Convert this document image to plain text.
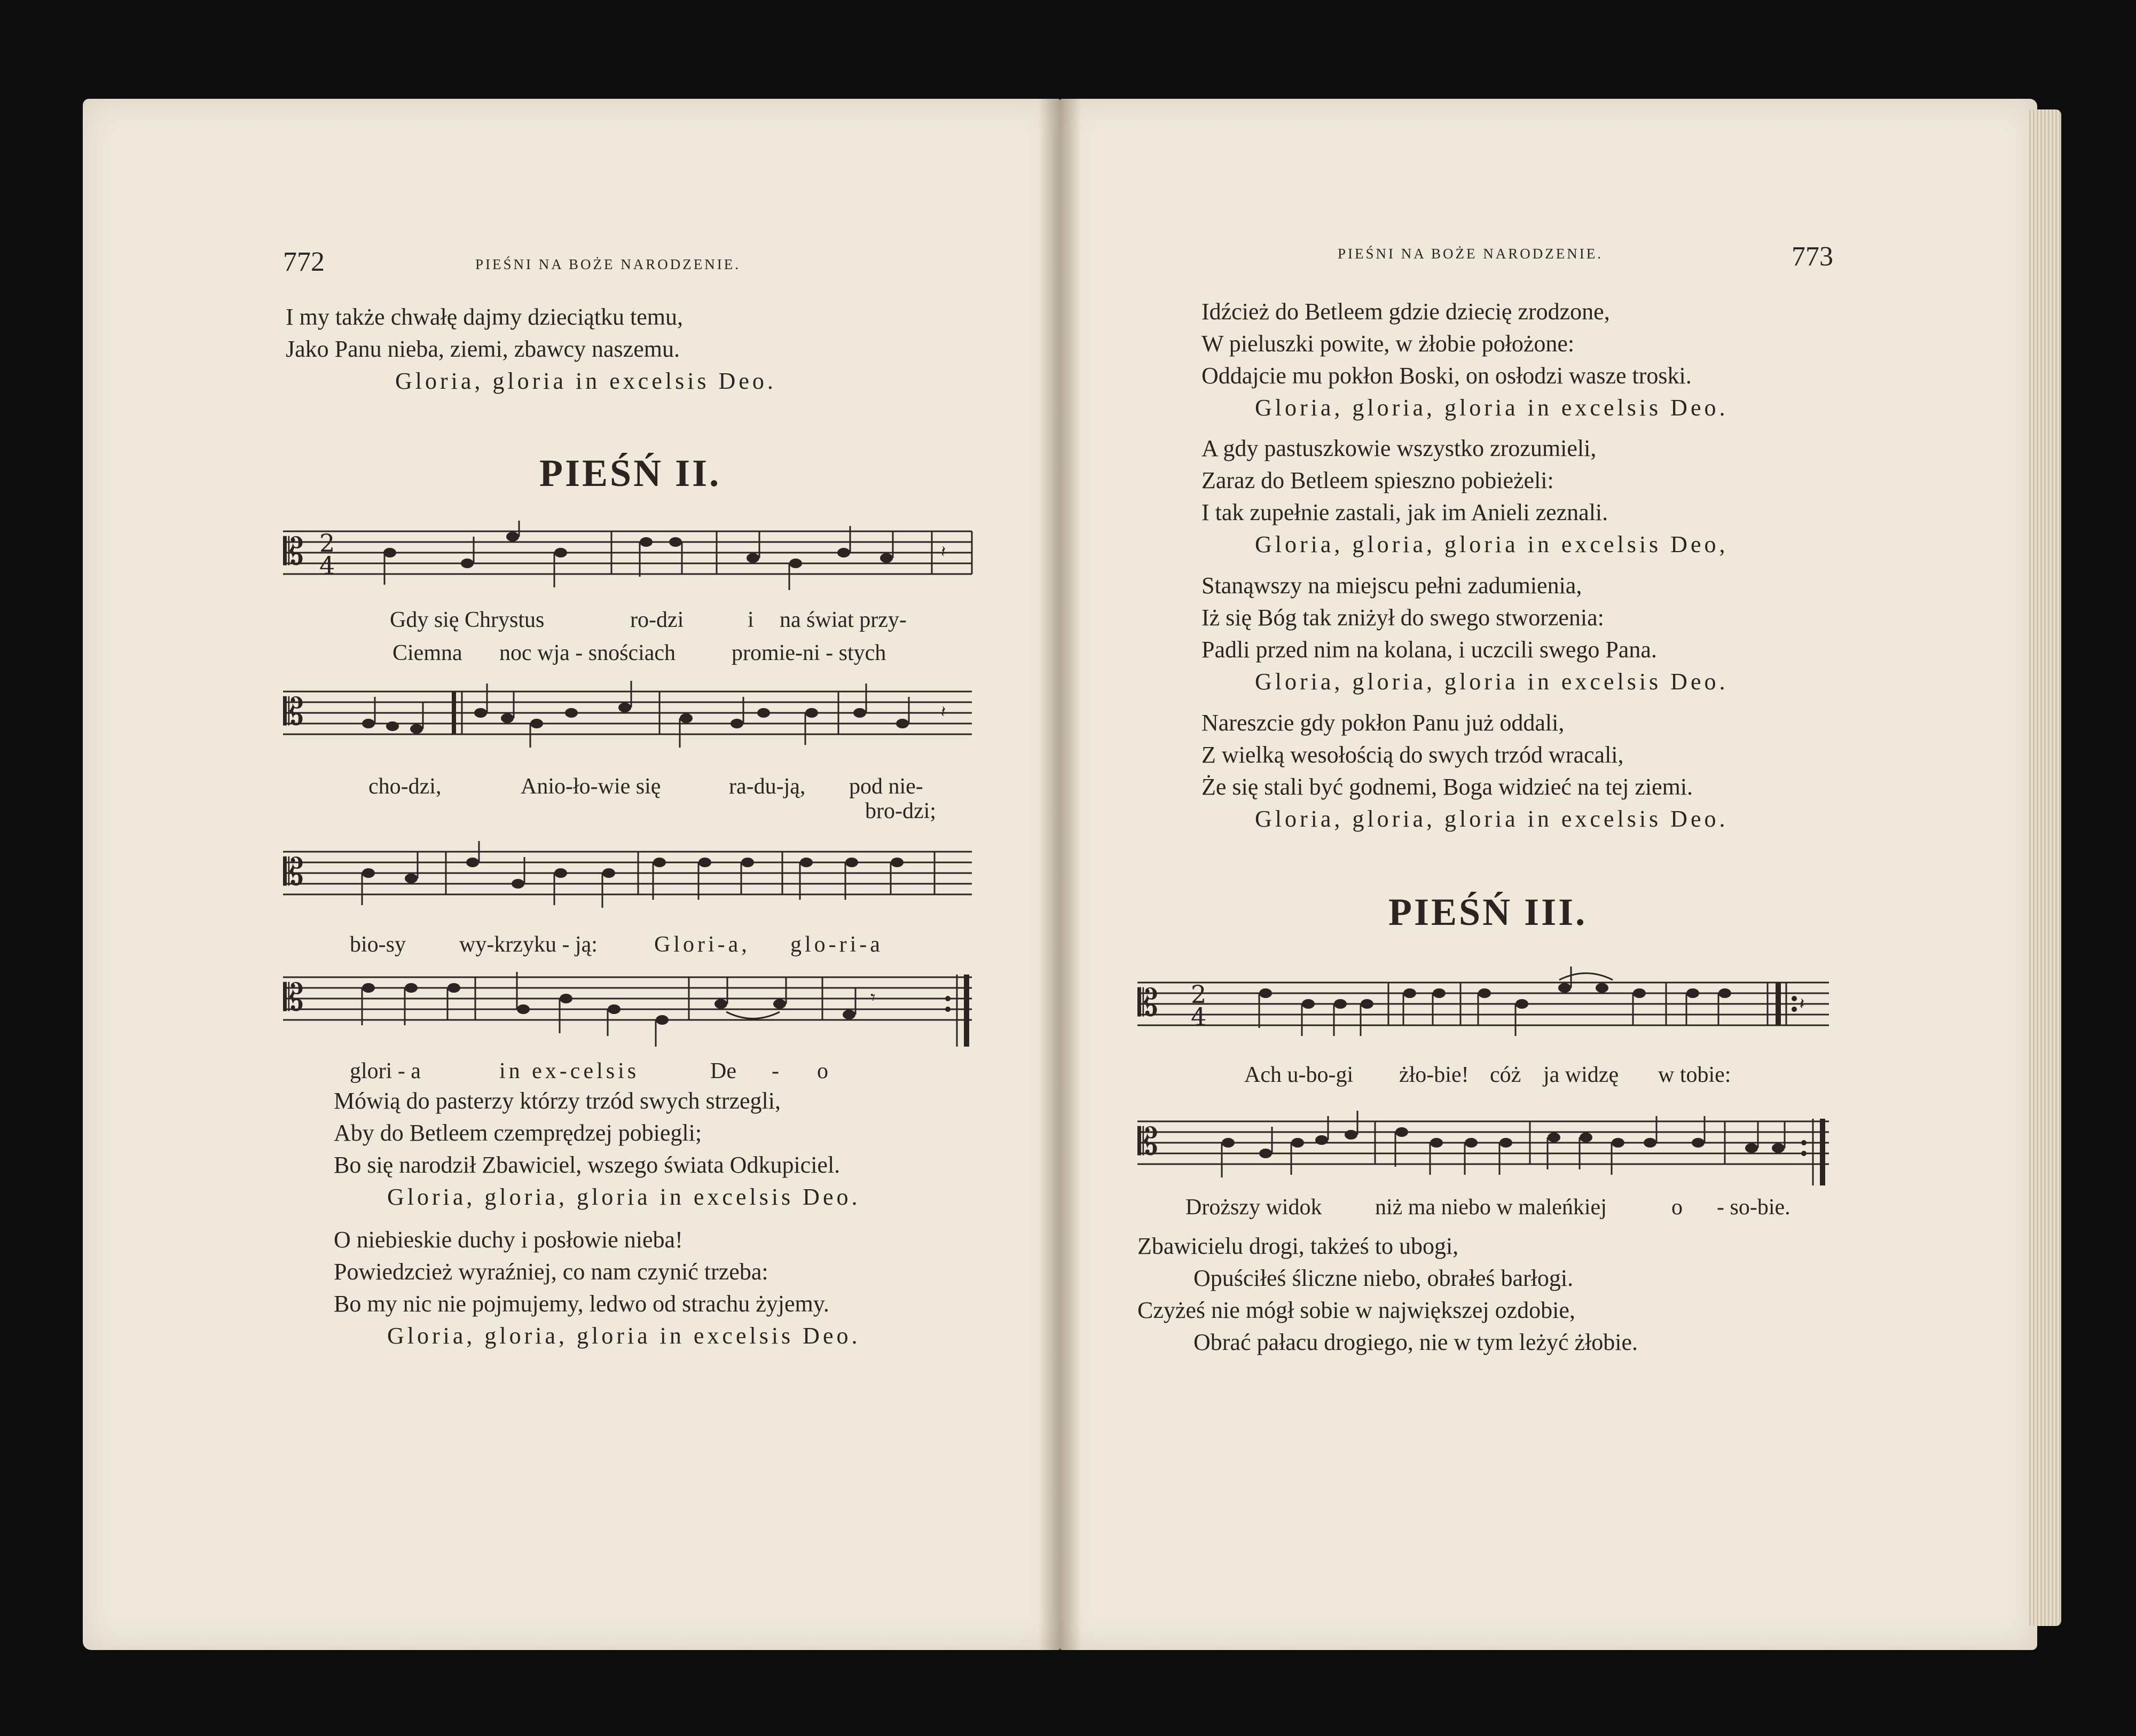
772	PIEŚNI NA BOŻE NARODZENIE.
I my także chwałę dajmy dzieciątku temu,
Jako Panu nieba, ziemi, zbawcy naszemu.
Gloria, gloria in excelsis Deo.
PIEŚŃ II.
𝄡 2
4	𝄽
Gdy się Chrystus	ro-dzi	i na świat przy-
Ciemna noc wja - snościach promie-ni - stych
𝄡	𝄽
cho-dzi,	Anio-ło-wie się	ra-du-ją, pod nie-
bro-dzi;
𝄡
bio-sy wy-krzyku - ją:	Glori-a, glo-ri-a
𝄡	𝄾
glori - a	in ex-celsis	De - o
Mówią do pasterzy którzy trzód swych strzegli,
Aby do Betleem czemprędzej pobiegli;
Bo się narodził Zbawiciel, wszego świata Odkupiciel.
Gloria, gloria, gloria in excelsis Deo.
O niebieskie duchy i posłowie nieba!
Powiedzcież wyraźniej, co nam czynić trzeba:
Bo my nic nie pojmujemy, ledwo od strachu żyjemy.
Gloria, gloria, gloria in excelsis Deo.
PIEŚNI NA BOŻE NARODZENIE.	773
Idźcież do Betleem gdzie dziecię zrodzone,
W pieluszki powite, w żłobie położone:
Oddajcie mu pokłon Boski, on osłodzi wasze troski.
Gloria, gloria, gloria in excelsis Deo.
A gdy pastuszkowie wszystko zrozumieli,
Zaraz do Betleem spieszno pobieżeli:
I tak zupełnie zastali, jak im Anieli zeznali.
Gloria, gloria, gloria in excelsis Deo,
Stanąwszy na miejscu pełni zadumienia,
Iż się Bóg tak zniżył do swego stworzenia:
Padli przed nim na kolana, i uczcili swego Pana.
Gloria, gloria, gloria in excelsis Deo.
Nareszcie gdy pokłon Panu już oddali,
Z wielką wesołością do swych trzód wracali,
Że się stali być godnemi, Boga widzieć na tej ziemi.
Gloria, gloria, gloria in excelsis Deo.
PIEŚŃ III.
𝄡 2
4	𝄽
Ach u-bo-gi żło-bie! cóż ja widzę w tobie:
𝄡
Droższy widok niż ma niebo w maleńkiej	o - so-bie.
Zbawicielu drogi, takżeś to ubogi,
Opuściłeś śliczne niebo, obrałeś barłogi.
Czyżeś nie mógł sobie w największej ozdobie,
Obrać pałacu drogiego, nie w tym leżyć żłobie.
